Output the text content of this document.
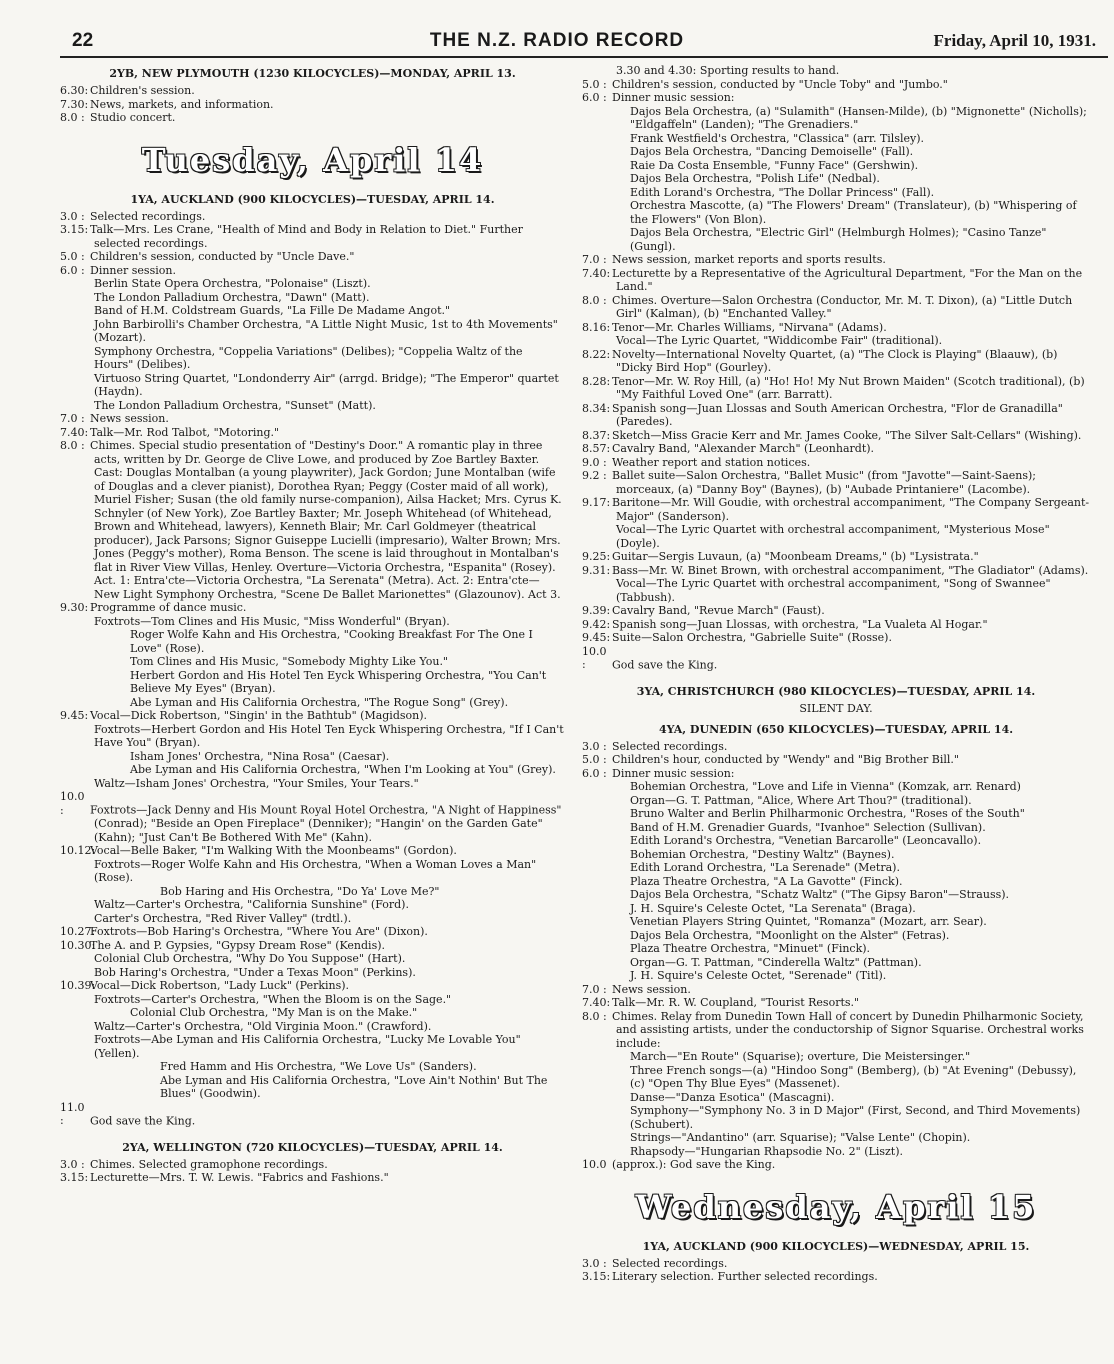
22	THE N.Z. RADIO RECORD	Friday, April 10, 1931.
2YB, NEW PLYMOUTH (1230 KILOCYCLES)—MONDAY, APRIL 13.

6.30: Children's session.

7.30: News, markets, and information.

8.0 : Studio concert.

Tuesday, April 14
1YA, AUCKLAND (900 KILOCYCLES)—TUESDAY, APRIL 14.

3.0 : Selected recordings.

3.15: Talk—Mrs. Les Crane, "Health of Mind and Body in Relation to Diet." Further selected recordings.

5.0 : Children's session, conducted by "Uncle Dave."

6.0 : Dinner session.

Berlin State Opera Orchestra, "Polonaise" (Liszt).

The London Palladium Orchestra, "Dawn" (Matt).

Band of H.M. Coldstream Guards, "La Fille De Madame Angot."

John Barbirolli's Chamber Orchestra, "A Little Night Music, 1st to 4th Movements" (Mozart).

Symphony Orchestra, "Coppelia Variations" (Delibes); "Coppelia Waltz of the Hours" (Delibes).

Virtuoso String Quartet, "Londonderry Air" (arrgd. Bridge); "The Emperor" quartet (Haydn).

The London Palladium Orchestra, "Sunset" (Matt).

7.0 : News session.

7.40: Talk—Mr. Rod Talbot, "Motoring."

8.0 : Chimes. Special studio presentation of "Destiny's Door." A romantic play in three acts, written by Dr. George de Clive Lowe, and produced by Zoe Bartley Baxter. Cast: Douglas Montalban (a young playwriter), Jack Gordon; June Montalban (wife of Douglas and a clever pianist), Dorothea Ryan; Peggy (Coster maid of all work), Muriel Fisher; Susan (the old family nurse-companion), Ailsa Hacket; Mrs. Cyrus K. Schnyler (of New York), Zoe Bartley Baxter; Mr. Joseph Whitehead (of Whitehead, Brown and Whitehead, lawyers), Kenneth Blair; Mr. Carl Goldmeyer (theatrical producer), Jack Parsons; Signor Guiseppe Lucielli (impresario), Walter Brown; Mrs. Jones (Peggy's mother), Roma Benson. The scene is laid throughout in Montalban's flat in River View Villas, Henley. Overture—Victoria Orchestra, "Espanita" (Rosey). Act. 1: Entra'cte—Victoria Orchestra, "La Serenata" (Metra). Act. 2: Entra'cte—New Light Symphony Orchestra, "Scene De Ballet Marionettes" (Glazounov). Act 3.

9.30: Programme of dance music.

Foxtrots—Tom Clines and His Music, "Miss Wonderful" (Bryan).

Roger Wolfe Kahn and His Orchestra, "Cooking Breakfast For The One I Love" (Rose).

Tom Clines and His Music, "Somebody Mighty Like You."

Herbert Gordon and His Hotel Ten Eyck Whispering Orchestra, "You Can't Believe My Eyes" (Bryan).

Abe Lyman and His California Orchestra, "The Rogue Song" (Grey).

9.45: Vocal—Dick Robertson, "Singin' in the Bathtub" (Magidson).

Foxtrots—Herbert Gordon and His Hotel Ten Eyck Whispering Orchestra, "If I Can't Have You" (Bryan).

Isham Jones' Orchestra, "Nina Rosa" (Caesar).

Abe Lyman and His California Orchestra, "When I'm Looking at You" (Grey).

Waltz—Isham Jones' Orchestra, "Your Smiles, Your Tears."

10.0 : Foxtrots—Jack Denny and His Mount Royal Hotel Orchestra, "A Night of Happiness" (Conrad); "Beside an Open Fireplace" (Denniker); "Hangin' on the Garden Gate" (Kahn); "Just Can't Be Bothered With Me" (Kahn).

10.12:Vocal—Belle Baker, "I'm Walking With the Moonbeams" (Gordon).

Foxtrots—Roger Wolfe Kahn and His Orchestra, "When a Woman Loves a Man" (Rose).

Bob Haring and His Orchestra, "Do Ya' Love Me?"

Waltz—Carter's Orchestra, "California Sunshine" (Ford).

Carter's Orchestra, "Red River Valley" (trdtl.).

10.27:Foxtrots—Bob Haring's Orchestra, "Where You Are" (Dixon).

10.30:The A. and P. Gypsies, "Gypsy Dream Rose" (Kendis).

Colonial Club Orchestra, "Why Do You Suppose" (Hart).

Bob Haring's Orchestra, "Under a Texas Moon" (Perkins).

10.39:Vocal—Dick Robertson, "Lady Luck" (Perkins).

Foxtrots—Carter's Orchestra, "When the Bloom is on the Sage."

Colonial Club Orchestra, "My Man is on the Make."

Waltz—Carter's Orchestra, "Old Virginia Moon." (Crawford).

Foxtrots—Abe Lyman and His California Orchestra, "Lucky Me Lovable You" (Yellen).

Fred Hamm and His Orchestra, "We Love Us" (Sanders).

Abe Lyman and His California Orchestra, "Love Ain't Nothin' But The Blues" (Goodwin).

11.0 : God save the King.

2YA, WELLINGTON (720 KILOCYCLES)—TUESDAY, APRIL 14.

3.0 : Chimes. Selected gramophone recordings.

3.15: Lecturette—Mrs. T. W. Lewis. "Fabrics and Fashions."

3.30 and 4.30: Sporting results to hand.

5.0 : Children's session, conducted by "Uncle Toby" and "Jumbo."

6.0 : Dinner music session:

Dajos Bela Orchestra, (a) "Sulamith" (Hansen-Milde), (b) "Mignonette" (Nicholls); "Eldgaffeln" (Landen); "The Grenadiers."

Frank Westfield's Orchestra, "Classica" (arr. Tilsley).

Dajos Bela Orchestra, "Dancing Demoiselle" (Fall).

Raie Da Costa Ensemble, "Funny Face" (Gershwin).

Dajos Bela Orchestra, "Polish Life" (Nedbal).

Edith Lorand's Orchestra, "The Dollar Princess" (Fall).

Orchestra Mascotte, (a) "The Flowers' Dream" (Translateur), (b) "Whispering of the Flowers" (Von Blon).

Dajos Bela Orchestra, "Electric Girl" (Helmburgh Holmes); "Casino Tanze" (Gungl).

7.0 : News session, market reports and sports results.

7.40: Lecturette by a Representative of the Agricultural Department, "For the Man on the Land."

8.0 : Chimes. Overture—Salon Orchestra (Conductor, Mr. M. T. Dixon), (a) "Little Dutch Girl" (Kalman), (b) "Enchanted Valley."

8.16: Tenor—Mr. Charles Williams, "Nirvana" (Adams).

Vocal—The Lyric Quartet, "Widdicombe Fair" (traditional).

8.22: Novelty—International Novelty Quartet, (a) "The Clock is Playing" (Blaauw), (b) "Dicky Bird Hop" (Gourley).

8.28: Tenor—Mr. W. Roy Hill, (a) "Ho! Ho! My Nut Brown Maiden" (Scotch traditional), (b) "My Faithful Loved One" (arr. Barratt).

8.34: Spanish song—Juan Llossas and South American Orchestra, "Flor de Granadilla" (Paredes).

8.37: Sketch—Miss Gracie Kerr and Mr. James Cooke, "The Silver Salt-Cellars" (Wishing).

8.57: Cavalry Band, "Alexander March" (Leonhardt).

9.0 : Weather report and station notices.

9.2 : Ballet suite—Salon Orchestra, "Ballet Music" (from "Javotte"—Saint-Saens); morceaux, (a) "Danny Boy" (Baynes), (b) "Aubade Printaniere" (Lacombe).

9.17: Baritone—Mr. Will Goudie, with orchestral accompaniment, "The Company Sergeant-Major" (Sanderson).

Vocal—The Lyric Quartet with orchestral accompaniment, "Mysterious Mose" (Doyle).

9.25: Guitar—Sergis Luvaun, (a) "Moonbeam Dreams," (b) "Lysistrata."

9.31: Bass—Mr. W. Binet Brown, with orchestral accompaniment, "The Gladiator" (Adams).

Vocal—The Lyric Quartet with orchestral accompaniment, "Song of Swannee" (Tabbush).

9.39: Cavalry Band, "Revue March" (Faust).

9.42: Spanish song—Juan Llossas, with orchestra, "La Vualeta Al Hogar."

9.45: Suite—Salon Orchestra, "Gabrielle Suite" (Rosse).

10.0 : God save the King.

3YA, CHRISTCHURCH (980 KILOCYCLES)—TUESDAY, APRIL 14.
SILENT DAY.
4YA, DUNEDIN (650 KILOCYCLES)—TUESDAY, APRIL 14.

3.0 : Selected recordings.

5.0 : Children's hour, conducted by "Wendy" and "Big Brother Bill."

6.0 : Dinner music session:

Bohemian Orchestra, "Love and Life in Vienna" (Komzak, arr. Renard)

Organ—G. T. Pattman, "Alice, Where Art Thou?" (traditional).

Bruno Walter and Berlin Philharmonic Orchestra, "Roses of the South"

Band of H.M. Grenadier Guards, "Ivanhoe" Selection (Sullivan).

Edith Lorand's Orchestra, "Venetian Barcarolle" (Leoncavallo).

Bohemian Orchestra, "Destiny Waltz" (Baynes).

Edith Lorand Orchestra, "La Serenade" (Metra).

Plaza Theatre Orchestra, "A La Gavotte" (Finck).

Dajos Bela Orchestra, "Schatz Waltz" ("The Gipsy Baron"—Strauss).

J. H. Squire's Celeste Octet, "La Serenata" (Braga).

Venetian Players String Quintet, "Romanza" (Mozart, arr. Sear).

Dajos Bela Orchestra, "Moonlight on the Alster" (Fetras).

Plaza Theatre Orchestra, "Minuet" (Finck).

Organ—G. T. Pattman, "Cinderella Waltz" (Pattman).

J. H. Squire's Celeste Octet, "Serenade" (Titl).

7.0 : News session.

7.40: Talk—Mr. R. W. Coupland, "Tourist Resorts."

8.0 : Chimes. Relay from Dunedin Town Hall of concert by Dunedin Philharmonic Society, and assisting artists, under the conductorship of Signor Squarise. Orchestral works include:

March—"En Route" (Squarise); overture, Die Meistersinger."

Three French songs—(a) "Hindoo Song" (Bemberg), (b) "At Evening" (Debussy), (c) "Open Thy Blue Eyes" (Massenet).

Danse—"Danza Esotica" (Mascagni).

Symphony—"Symphony No. 3 in D Major" (First, Second, and Third Movements) (Schubert).

Strings—"Andantino" (arr. Squarise); "Valse Lente" (Chopin).

Rhapsody—"Hungarian Rhapsodie No. 2" (Liszt).

10.0 (approx.): God save the King.

Wednesday, April 15
1YA, AUCKLAND (900 KILOCYCLES)—WEDNESDAY, APRIL 15.

3.0 : Selected recordings.

3.15: Literary selection. Further selected recordings.
